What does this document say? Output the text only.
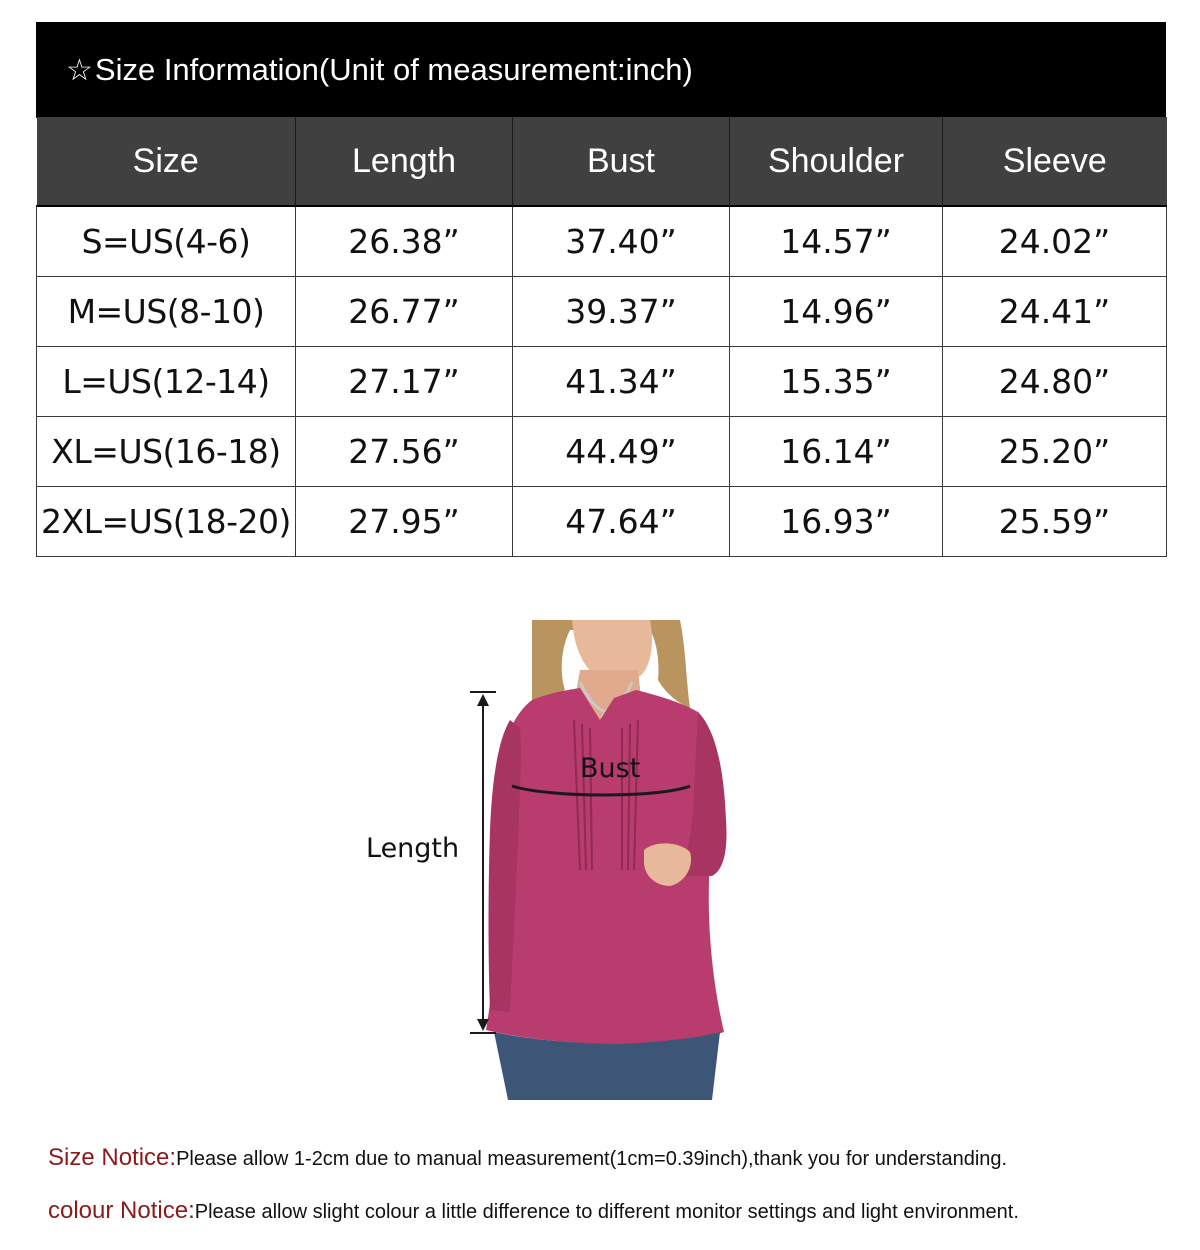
☆Size Information(Unit of measurement:inch)
Size	Length	Bust	Shoulder	Sleeve
S=US(4-6)	26.38”	37.40”	14.57”	24.02”
M=US(8-10)	26.77”	39.37”	14.96”	24.41”
L=US(12-14)	27.17”	41.34”	15.35”	24.80”
XL=US(16-18)	27.56”	44.49”	16.14”	25.20”
2XL=US(18-20)	27.95”	47.64”	16.93”	25.59”
Bust
Length
Size Notice:Please allow 1-2cm due to manual measurement(1cm=0.39inch),thank you for understanding.
colour Notice:Please allow slight colour a little difference to different monitor settings and light environment.
